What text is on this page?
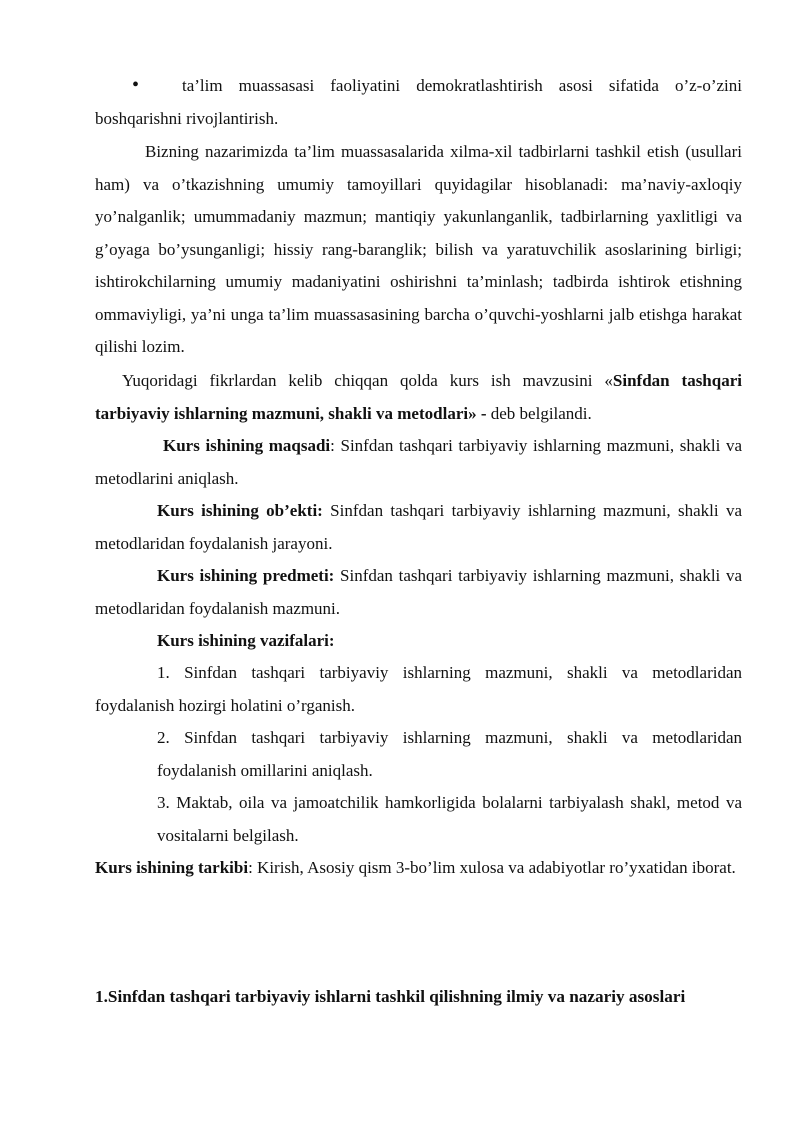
•	ta’lim muassasasi faoliyatini demokratlashtirish asosi sifatida o’z-o’zini boshqarishni rivojlantirish.

Bizning nazarimizda ta’lim muassasalarida xilma-xil tadbirlarni tashkil etish (usullari ham) va o’tkazishning umumiy tamoyillari quyidagilar hisoblanadi: ma’naviy-axloqiy yo’nalganlik; umummadaniy mazmun; mantiqiy yakunlanganlik, tadbirlarning yaxlitligi va g’oyaga bo’ysunganligi; hissiy rang-baranglik; bilish va yaratuvchilik asoslarining birligi; ishtirokchilarning umumiy madaniyatini oshirishni ta’minlash; tadbirda ishtirok etishning ommaviyligi, ya’ni unga ta’lim muassasasining barcha o’quvchi-yoshlarni jalb etishga harakat qilishi lozim.

Yuqoridagi fikrlardan kelib chiqqan qolda kurs ish mavzusini «Sinfdan tashqari tarbiyaviy ishlarning mazmuni, shakli va metodlari» - deb belgilandi.

Kurs ishining maqsadi: Sinfdan tashqari tarbiyaviy ishlarning mazmuni, shakli va metodlarini aniqlash.

Kurs ishining ob’ekti: Sinfdan tashqari tarbiyaviy ishlarning mazmuni, shakli va metodlaridan foydalanish jarayoni.

Kurs ishining predmeti: Sinfdan tashqari tarbiyaviy ishlarning mazmuni, shakli va metodlaridan foydalanish mazmuni.

Kurs ishining vazifalari:

1. Sinfdan tashqari tarbiyaviy ishlarning mazmuni, shakli va metodlaridan foydalanish hozirgi holatini o’rganish.

2. Sinfdan tashqari tarbiyaviy ishlarning mazmuni, shakli va metodlaridan foydalanish omillarini aniqlash.

3. Maktab, oila va jamoatchilik hamkorligida bolalarni tarbiyalash shakl, metod va vositalarni belgilash.

Kurs ishining tarkibi: Kirish, Asosiy qism 3-bo’lim xulosa va adabiyotlar ro’yxatidan iborat.

1.Sinfdan tashqari tarbiyaviy ishlarni tashkil qilishning ilmiy va nazariy asoslari
